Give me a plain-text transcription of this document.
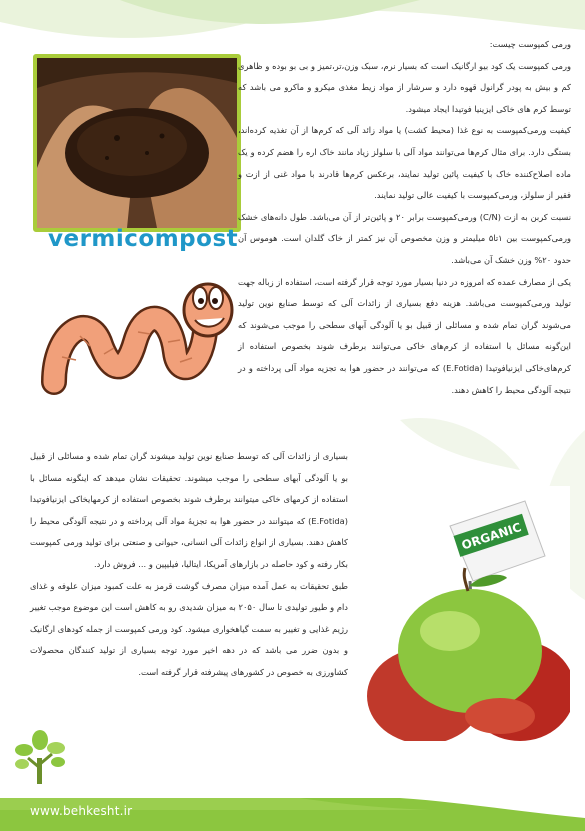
vermicompost

ورمی کمپوست چیست:

ورمی کمپوست یک کود بیو ارگانیک است که بسیار نرم، سبک وزن،تر،تمیز و بی بو بوده و ظاهری کم و بیش به پودر گرانول قهوه دارد و سرشار از مواد زیط مغذی میکرو و ماکرو می باشد که توسط کرم های خاکی ایزینیا فوتیدا ایجاد میشود.

کیفیت ورمی‌کمپوست به نوع غذا (محیط کشت) یا مواد زائد آلی که کرم‌ها از آن تغذیه کرده‌اند، بستگی دارد. برای مثال کرم‌ها می‌توانند مواد آلی با سلولز زیاد مانند خاک اره را هضم کرده و یک ماده اصلاح‌کننده خاک با کیفیت پائین تولید نمایند، برعکس کرم‌ها قادرند با مواد غنی از ازت و فقیر از سلولز، ورمی‌کمپوست با کیفیت عالی تولید نمایند.

نسبت کربن به ازت (C/N) ورمی‌کمپوست برابر ۲۰ و پائین‌تر از آن می‌باشد. طول دانه‌های خشک ورمی‌کمپوست بین ۱تا۵ میلیمتر و وزن مخصوص آن نیز کمتر از خاک گلدان است. هوموس آن حدود ۲۰% وزن خشک آن می‌باشد.

یکی از مصارف عمده که امروزه در دنیا بسیار مورد توجه قرار گرفته است، استفاده از زباله جهت تولید ورمی‌کمپوست می‌باشد. هزینه دفع بسیاری از زائدات آلی که توسط صنایع نوین تولید می‌شوند گران تمام شده و مسائلی از قبیل بو یا آلودگی آبهای سطحی را موجب می‌شوند که این‌گونه مسائل با استفاده از کرم‌های خاکی می‌توانند برطرف شوند بخصوص استفاده از کرم‌های‌خاکی ایزنیافوتیدا (E.Fotida) که می‌توانند در حضور هوا به تجزیه مواد آلی پرداخته و در نتیجه آلودگی محیط را کاهش دهند.

ORGANIC

بسیاری از زائدات آلی که توسط صنایع نوین تولید میشوند گران تمام شده و مسائلی از قبیل بو یا آلودگی آبهای سطحی را موجب میشوند. تحقیقات نشان میدهد که اینگونه مسائل با استفاده از کرمهای خاکی میتوانند برطرف شوند بخصوص استفاده از کرمهایخاکی ایزنیافوتیدا (E.Fotida) که میتوانند در حضور هوا به تجزیهٔ مواد آلی پرداخته و در نتیجه آلودگی محیط را کاهش دهند. بسیاری از انواع زائدات آلی انسانی، حیوانی و صنعتی برای تولید ورمی کمپوست بکار رفته و کود حاصله در بازارهای آمریکا، ایتالیا، فیلیپین و ... فروش دارد.

طبق تحقیقات به عمل آمده میزان مصرف گوشت قرمز به علت کمبود میزان علوفه و غذای دام و طیور تولیدی تا سال ۲۰۵۰ به میزان شدیدی رو به کاهش است این موضوع موجب تغییر رژیم غذایی و تغییر به سمت گیاهخواری میشود. کود ورمی کمپوست از جمله کودهای ارگانیک و بدون ضرر می باشد که در دهه اخیر مورد توجه بسیاری از تولید کنندگان محصولات کشاورزی به خصوص در کشورهای پیشرفته قرار گرفته است.

www.behkesht.ir
